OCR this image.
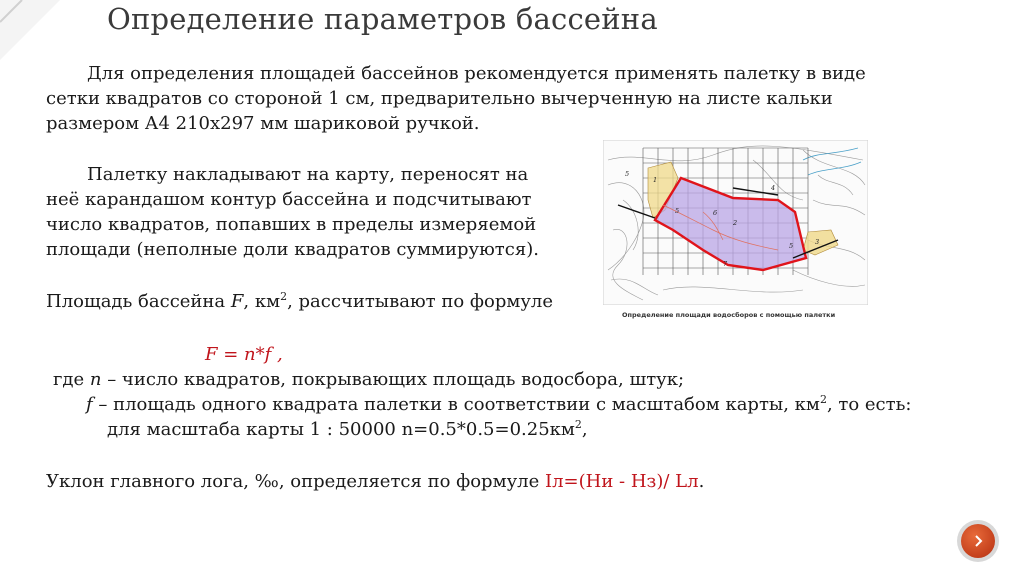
Определение параметров бассейна
Для определения площадей бассейнов рекомендуется применять палетку в виде
сетки квадратов со стороной 1 см, предварительно вычерченную на листе кальки
размером А4 210х297 мм шариковой ручкой.
Палетку накладывают на карту, переносят на
неё карандашом контур бассейна и подсчитывают
число квадратов, попавших в пределы измеряемой
площади (неполные доли квадратов суммируются).
Площадь бассейна F, $км^2$, рассчитывают по формуле
F = n*f ,
где n – число квадратов, покрывающих площадь водосбора, штук;
f – площадь одного квадрата палетки в соответствии с масштабом карты, $км^2$, то есть:
для масштаба карты 1 : 50000 $n=0.5*0.5=0.25км^2$,
Уклон главного лога, ‰, определяется по формуле Iл=(Hи - Hз)/ Lл.
5
1
4
6
2
3
5
5
7
Определение площади водосборов с помощью палетки
